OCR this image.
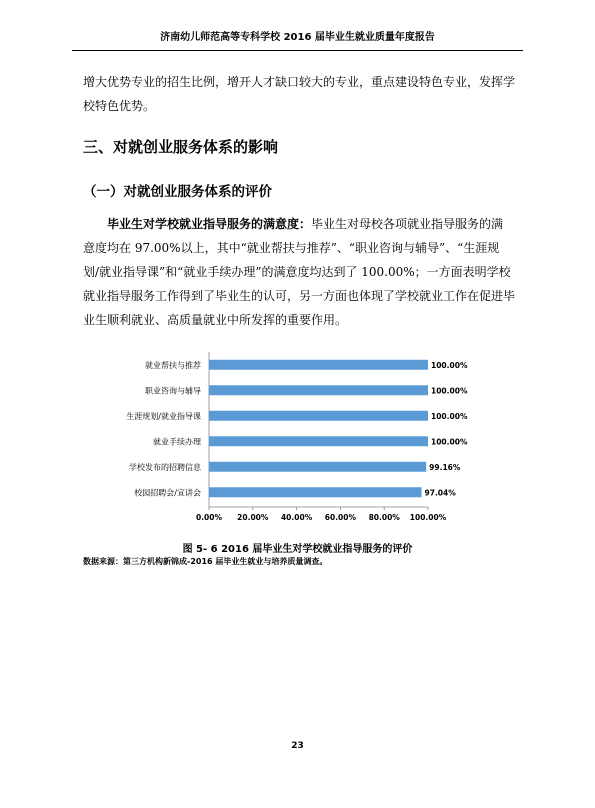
济南幼儿师范高等专科学校 2016 届毕业生就业质量年度报告

增大优势专业的招生比例，增开人才缺口较大的专业，重点建设特色专业，发挥学校特色优势。

三、对就创业服务体系的影响
（一）对就创业服务体系的评价

毕业生对学校就业指导服务的满意度：毕业生对母校各项就业指导服务的满意度均在 97.00%以上，其中“就业帮扶与推荐”、“职业咨询与辅导”、“生涯规划/就业指导课”和“就业手续办理”的满意度均达到了 100.00%；一方面表明学校就业指导服务工作得到了毕业生的认可，另一方面也体现了学校就业工作在促进毕业生顺利就业、高质量就业中所发挥的重要作用。

就业帮扶与推荐	100.00%
职业咨询与辅导	100.00%
生涯规划/就业指导课	100.00%
就业手续办理	100.00%
学校发布的招聘信息	99.16%
校园招聘会/宣讲会	97.04%
0.00% 20.00% 40.00% 60.00% 80.00% 100.00%

图 5- 6 2016 届毕业生对学校就业指导服务的评价

数据来源：第三方机构新锦成-2016 届毕业生就业与培养质量调查。

23
